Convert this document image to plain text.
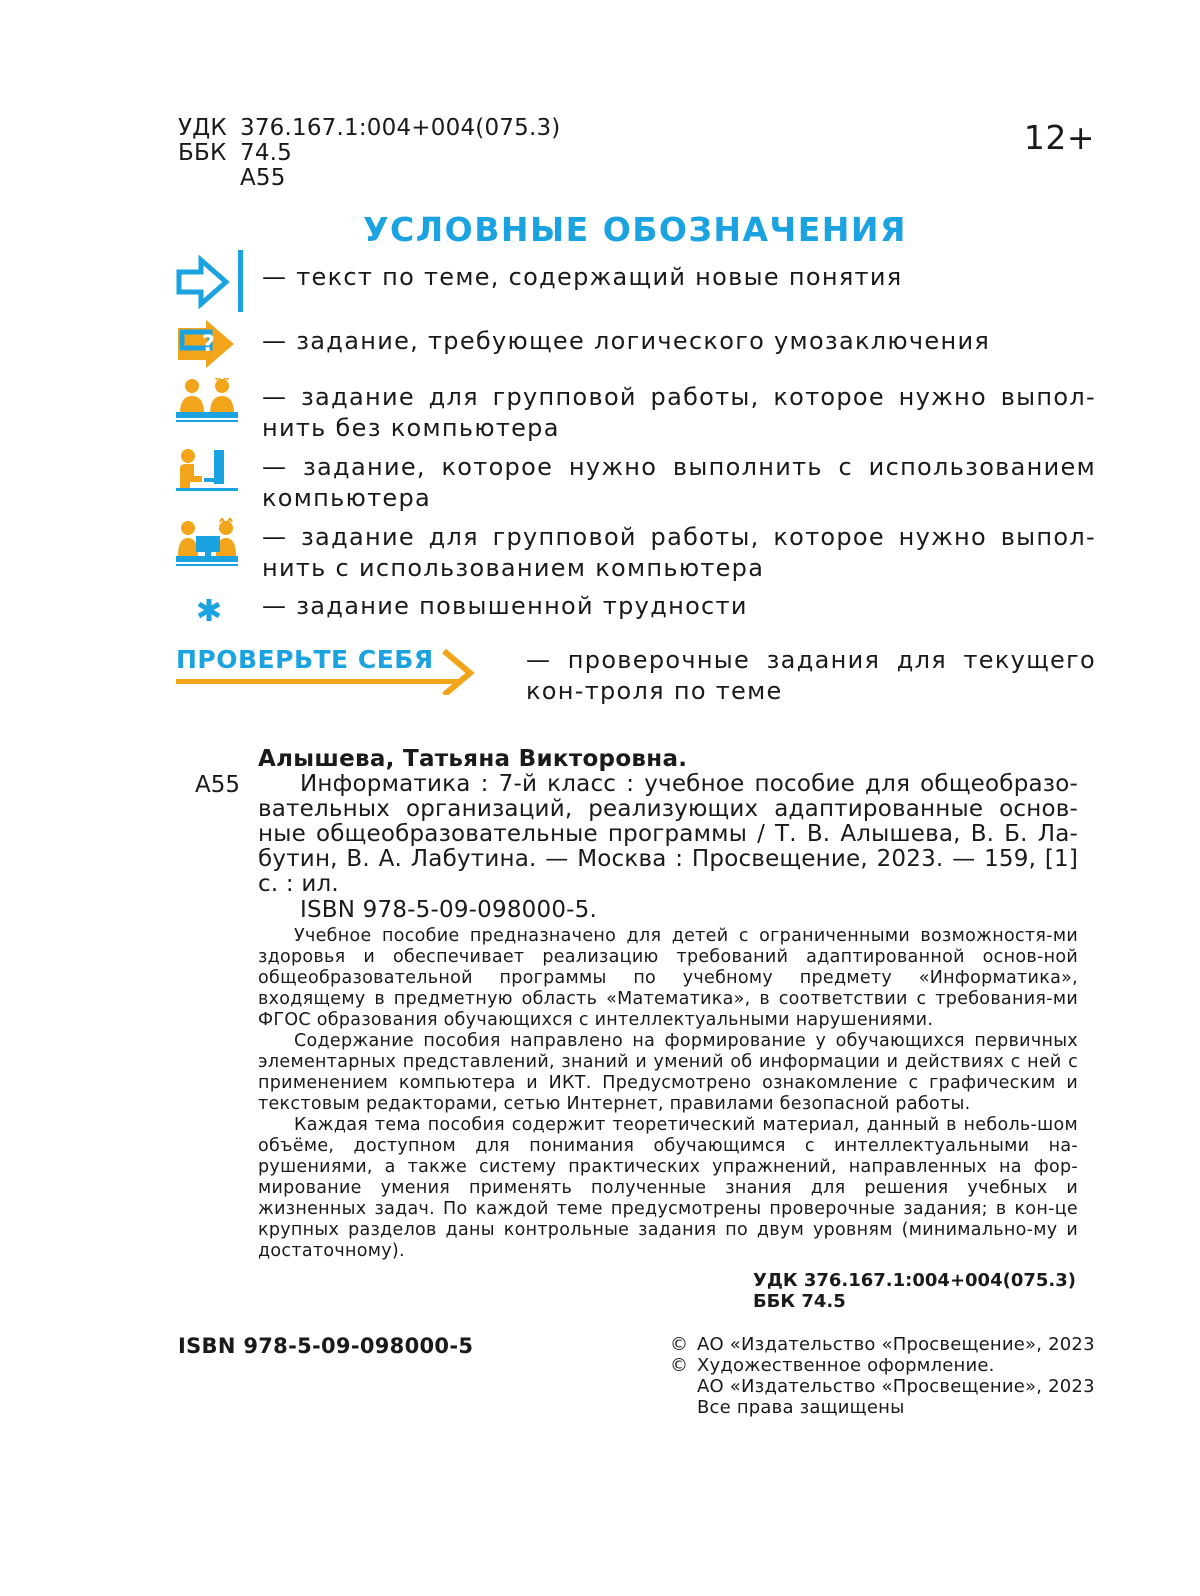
УДК 376.167.1:004+004(075.3)
ББК 74.5
А55
12+
УСЛОВНЫЕ ОБОЗНАЧЕНИЯ
— текст по теме, содержащий новые понятия
?	— задание, требующее логического умозаключения
— задание для групповой работы, которое нужно выпол-нить без компьютера
— задание, которое нужно выполнить с использованием компьютера
— задание для групповой работы, которое нужно выпол-нить с использованием компьютера
— задание повышенной трудности
ПРОВЕРЬТЕ СЕБЯ	— проверочные задания для текущего кон-троля по теме
Алышева, Татьяна Викторовна.
А55	Информатика : 7-й класс : учебное пособие для общеобразо-вательных организаций, реализующих адаптированные основ-ные общеобразовательные программы / Т. В. Алышева, В. Б. Ла-бутин, В. А. Лабутина. — Москва : Просвещение, 2023. — 159, [1] с. : ил.
ISBN 978-5-09-098000-5.

Учебное пособие предназначено для детей с ограниченными возможностя-ми здоровья и обеспечивает реализацию требований адаптированной основ-ной общеобразовательной программы по учебному предмету «Информатика», входящему в предметную область «Математика», в соответствии с требования-ми ФГОС образования обучающихся с интеллектуальными нарушениями.

Содержание пособия направлено на формирование у обучающихся первичных элементарных представлений, знаний и умений об информации и действиях с ней с применением компьютера и ИКТ. Предусмотрено ознакомление с графическим и текстовым редакторами, сетью Интернет, правилами безопасной работы.

Каждая тема пособия содержит теоретический материал, данный в неболь-шом объёме, доступном для понимания обучающимся с интеллектуальными на-рушениями, а также систему практических упражнений, направленных на фор-мирование умения применять полученные знания для решения учебных и жизненных задач. По каждой теме предусмотрены проверочные задания; в кон-це крупных разделов даны контрольные задания по двум уровням (минимально-му и достаточному).

УДК 376.167.1:004+004(075.3)
ББК 74.5
ISBN 978-5-09-098000-5	© АО «Издательство «Просвещение», 2023
© Художественное оформление.
АО «Издательство «Просвещение», 2023
Все права защищены
